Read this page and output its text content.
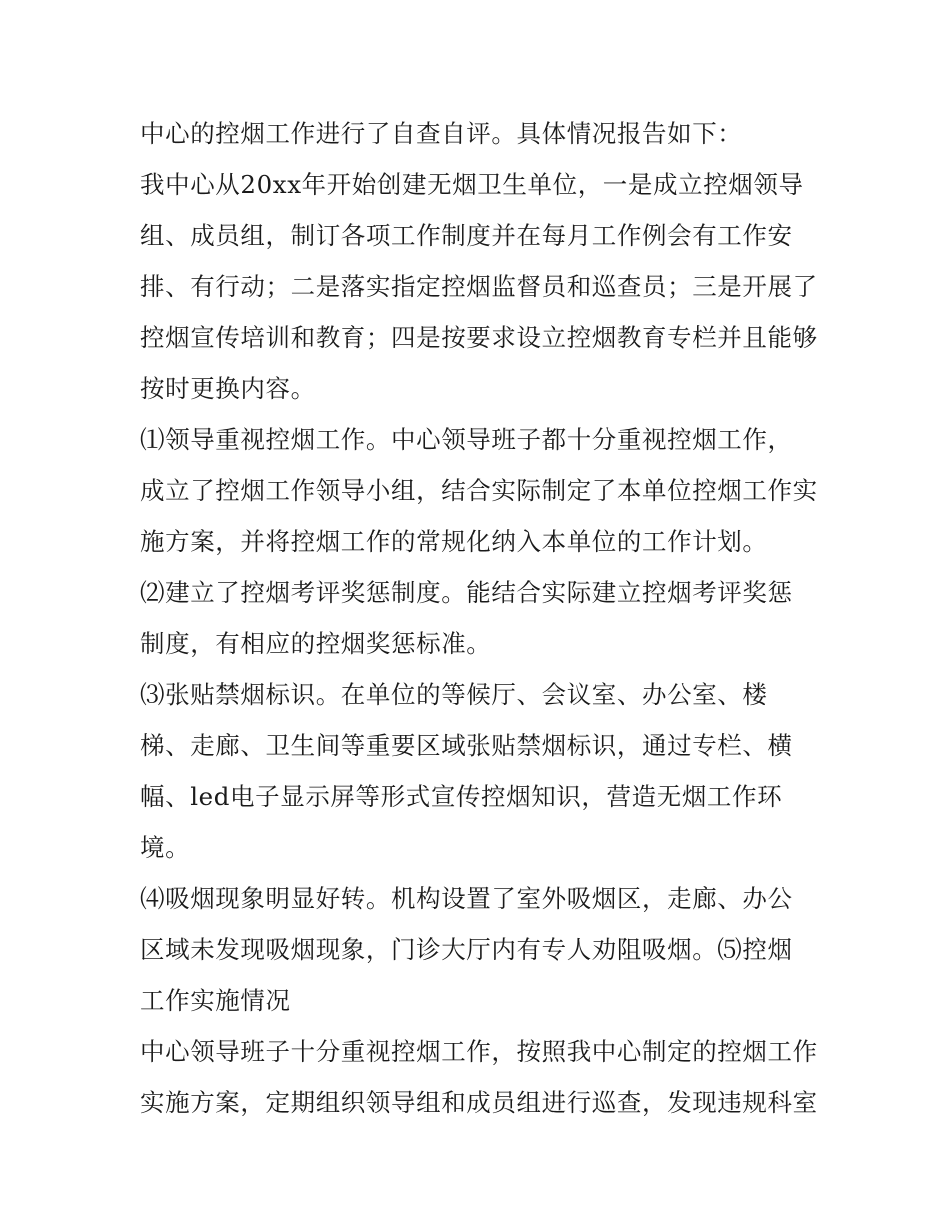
中心的控烟工作进行了自查自评。具体情况报告如下：
我中心从20xx年开始创建无烟卫生单位，一是成立控烟领导
组、成员组，制订各项工作制度并在每月工作例会有工作安
排、有行动；二是落实指定控烟监督员和巡查员；三是开展了
控烟宣传培训和教育；四是按要求设立控烟教育专栏并且能够
按时更换内容。
⑴领导重视控烟工作。中心领导班子都十分重视控烟工作，
成立了控烟工作领导小组，结合实际制定了本单位控烟工作实
施方案，并将控烟工作的常规化纳入本单位的工作计划。
⑵建立了控烟考评奖惩制度。能结合实际建立控烟考评奖惩
制度，有相应的控烟奖惩标准。
⑶张贴禁烟标识。在单位的等候厅、会议室、办公室、楼
梯、走廊、卫生间等重要区域张贴禁烟标识，通过专栏、横
幅、led电子显示屏等形式宣传控烟知识，营造无烟工作环
境。
⑷吸烟现象明显好转。机构设置了室外吸烟区，走廊、办公
区域未发现吸烟现象，门诊大厅内有专人劝阻吸烟。⑸控烟
工作实施情况
中心领导班子十分重视控烟工作，按照我中心制定的控烟工作
实施方案，定期组织领导组和成员组进行巡查，发现违规科室
